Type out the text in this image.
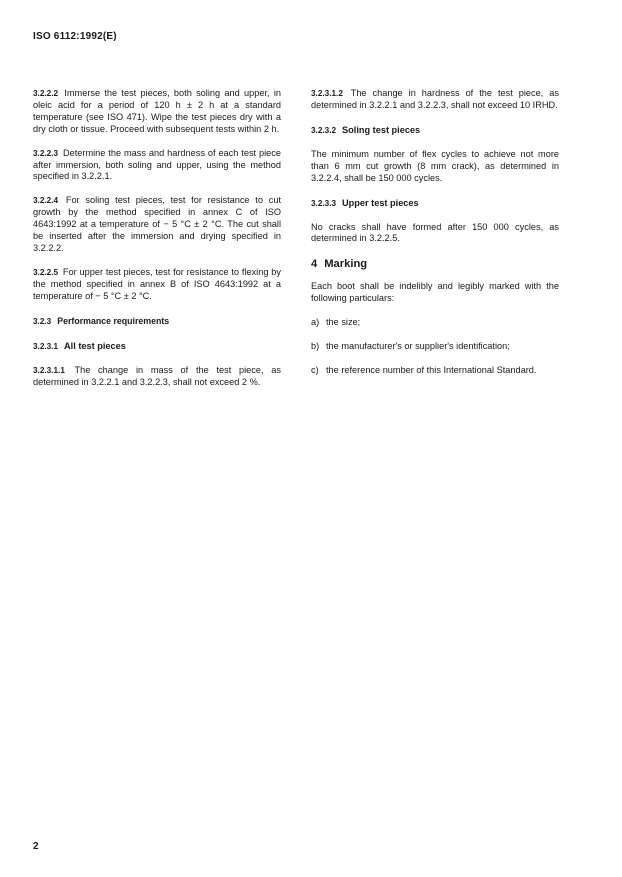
ISO 6112:1992(E)

3.2.2.2 Immerse the test pieces, both soling and upper, in oleic acid for a period of 120 h ± 2 h at a standard temperature (see ISO 471). Wipe the test pieces dry with a dry cloth or tissue. Proceed with subsequent tests within 2 h.

3.2.2.3 Determine the mass and hardness of each test piece after immersion, both soling and upper, using the method specified in 3.2.2.1.

3.2.2.4 For soling test pieces, test for resistance to cut growth by the method specified in annex C of ISO 4643:1992 at a temperature of − 5 °C ± 2 °C. The cut shall be inserted after the immersion and drying specified in 3.2.2.2.

3.2.2.5 For upper test pieces, test for resistance to flexing by the method specified in annex B of ISO 4643:1992 at a temperature of − 5 °C ± 2 °C.

3.2.3 Performance requirements
3.2.3.1 All test pieces

3.2.3.1.1 The change in mass of the test piece, as determined in 3.2.2.1 and 3.2.2.3, shall not exceed 2 %.

3.2.3.1.2 The change in hardness of the test piece, as determined in 3.2.2.1 and 3.2.2.3, shall not exceed 10 IRHD.

3.2.3.2 Soling test pieces

The minimum number of flex cycles to achieve not more than 6 mm cut growth (8 mm crack), as determined in 3.2.2.4, shall be 150 000 cycles.

3.2.3.3 Upper test pieces

No cracks shall have formed after 150 000 cycles, as determined in 3.2.2.5.

4 Marking

Each boot shall be indelibly and legibly marked with the following particulars:

a) the size;
b) the manufacturer's or supplier's identification;
c) the reference number of this International Standard.
2
